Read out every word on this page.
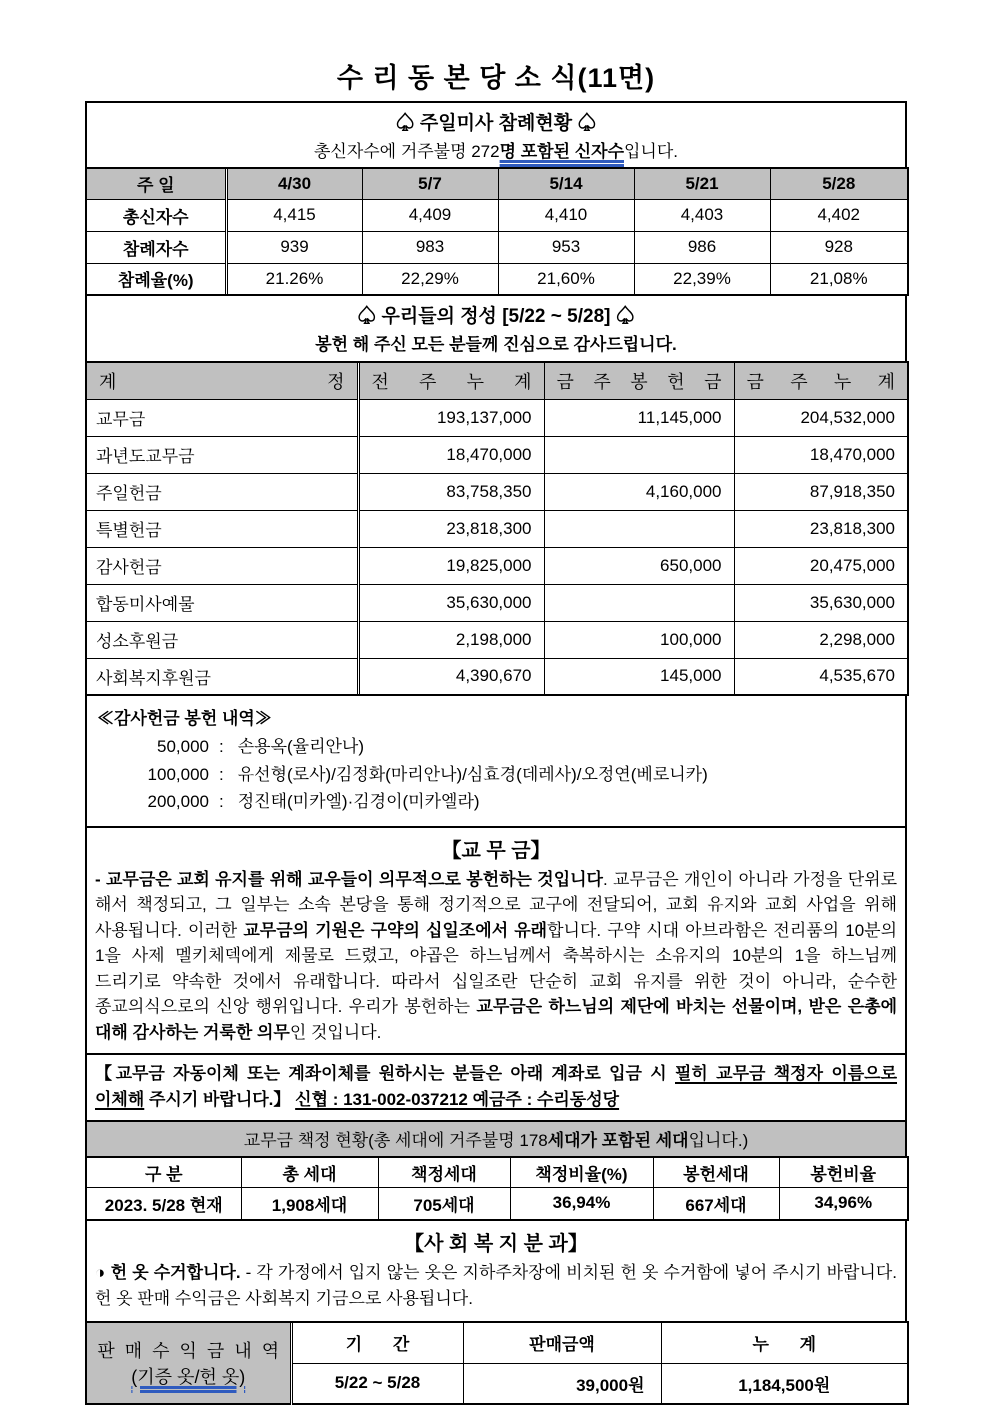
수 리 동 본 당 소 식(11면)
♤ 주일미사 참례현황 ♤
총신자수에 거주불명 272명 포함된 신자수입니다.
주 일	4/30	5/7	5/14	5/21	5/28
총신자수	4,415	4,409	4,410	4,403	4,402
참례자수	939	983	953	986	928
참례율(%)	21.26%	22,29%	21,60%	22,39%	21,08%
♤ 우리들의 정성 [5/22 ~ 5/28] ♤
봉헌 해 주신 모든 분들께 진심으로 감사드립니다.
계 정	전 주 누 계	금 주 봉 헌 금	금 주 누 계
교무금	193,137,000	11,145,000	204,532,000
과년도교무금	18,470,000		18,470,000
주일헌금	83,758,350	4,160,000	87,918,350
특별헌금	23,818,300		23,818,300
감사헌금	19,825,000	650,000	20,475,000
합동미사예물	35,630,000		35,630,000
성소후원금	2,198,000	100,000	2,298,000
사회복지후원금	4,390,670	145,000	4,535,670
≪감사헌금 봉헌 내역≫
50,000 : 손용옥(율리안나)
100,000 : 유선형(로사)/김정화(마리안나)/심효경(데레사)/오정연(베로니카)
200,000 : 정진태(미카엘)·김경이(미카엘라)
【교 무 금】
- 교무금은 교회 유지를 위해 교우들이 의무적으로 봉헌하는 것입니다. 교무금은 개인이 아니라 가정을 단위로 해서 책정되고, 그 일부는 소속 본당을 통해 정기적으로 교구에 전달되어, 교회 유지와 교회 사업을 위해 사용됩니다. 이러한 교무금의 기원은 구약의 십일조에서 유래합니다. 구약 시대 아브라함은 전리품의 10분의 1을 사제 멜키체덱에게 제물로 드렸고, 야곱은 하느님께서 축복하시는 소유지의 10분의 1을 하느님께 드리기로 약속한 것에서 유래합니다. 따라서 십일조란 단순히 교회 유지를 위한 것이 아니라, 순수한 종교의식으로의 신앙 행위입니다. 우리가 봉헌하는 교무금은 하느님의 제단에 바치는 선물이며, 받은 은총에 대해 감사하는 거룩한 의무인 것입니다.
【교무금 자동이체 또는 계좌이체를 원하시는 분들은 아래 계좌로 입금 시 필히 교무금 책정자 이름으로 이체해 주시기 바랍니다.】 신협 : 131-002-037212 예금주 : 수리동성당
교무금 책정 현황(총 세대에 거주불명 178세대가 포함된 세대입니다.)
구 분	총 세대	책정세대	책정비율(%)	봉헌세대	봉헌비율
2023. 5/28 현재	1,908세대	705세대	36,94%	667세대	34,96%
【사 회 복 지 분 과】
◑ 헌 옷 수거합니다. - 각 가정에서 입지 않는 옷은 지하주차장에 비치된 헌 옷 수거함에 넣어 주시기 바랍니다. 헌 옷 판매 수익금은 사회복지 기금으로 사용됩니다.
판 매 수 익 금 내 역
(기증 옷/헌 옷)	기 간	판매금액	누 계
	5/22 ~ 5/28	39,000원	1,184,500원
